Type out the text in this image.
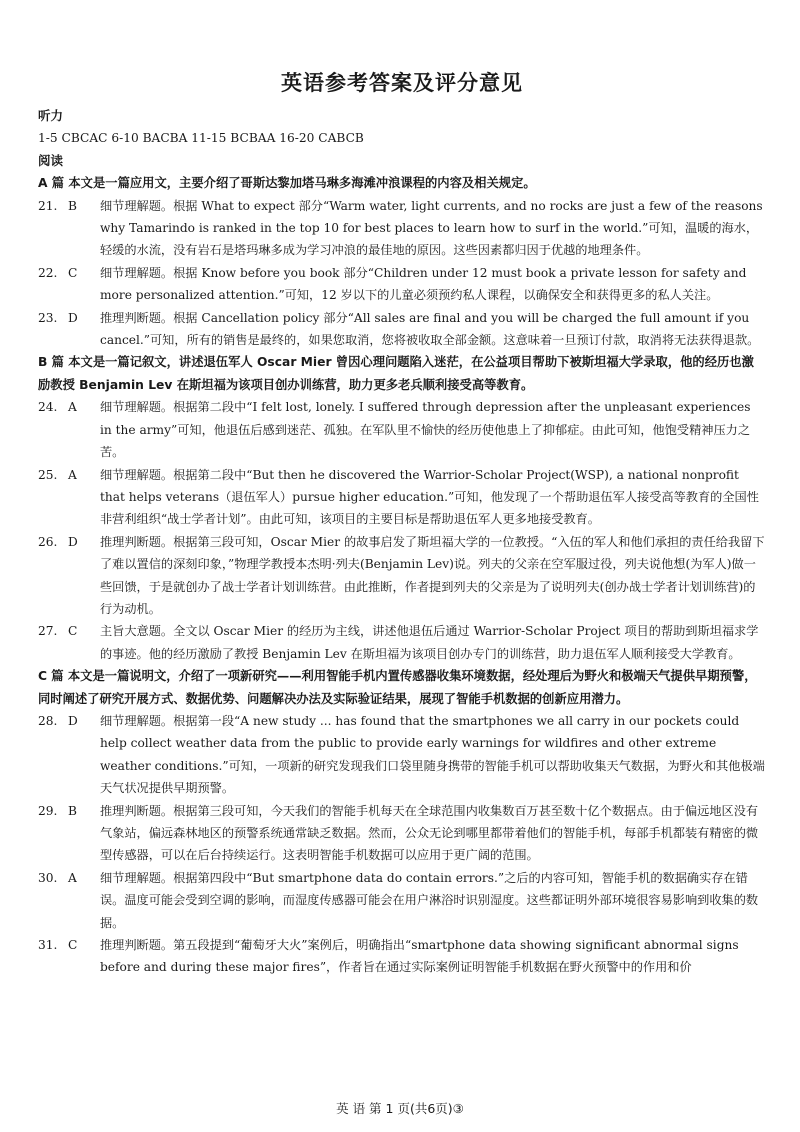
英语参考答案及评分意见
听力
1-5 CBCAC 6-10 BACBA 11-15 BCBAA 16-20 CABCB
阅读
A 篇 本文是一篇应用文，主要介绍了哥斯达黎加塔马琳多海滩冲浪课程的内容及相关规定。
21. B	细节理解题。根据 What to expect 部分“Warm water, light currents, and no rocks are just a few of the reasons why Tamarindo is ranked in the top 10 for best places to learn how to surf in the world.”可知，温暖的海水，轻缓的水流，没有岩石是塔玛琳多成为学习冲浪的最佳地的原因。这些因素都归因于优越的地理条件。
22. C	细节理解题。根据 Know before you book 部分“Children under 12 must book a private lesson for safety and more personalized attention.”可知，12 岁以下的儿童必须预约私人课程，以确保安全和获得更多的私人关注。
23. D	推理判断题。根据 Cancellation policy 部分“All sales are final and you will be charged the full amount if you cancel.”可知，所有的销售是最终的，如果您取消，您将被收取全部金额。这意味着一旦预订付款，取消将无法获得退款。
B 篇 本文是一篇记叙文，讲述退伍军人 Oscar Mier 曾因心理问题陷入迷茫，在公益项目帮助下被斯坦福大学录取，他的经历也激励教授 Benjamin Lev 在斯坦福为该项目创办训练营，助力更多老兵顺利接受高等教育。
24. A	细节理解题。根据第二段中“I felt lost, lonely. I suffered through depression after the unpleasant experiences in the army”可知，他退伍后感到迷茫、孤独。在军队里不愉快的经历使他患上了抑郁症。由此可知，他饱受精神压力之苦。
25. A	细节理解题。根据第二段中“But then he discovered the Warrior-Scholar Project(WSP), a national nonprofit that helps veterans（退伍军人）pursue higher education.”可知，他发现了一个帮助退伍军人接受高等教育的全国性非营利组织“战士学者计划”。由此可知，该项目的主要目标是帮助退伍军人更多地接受教育。
26. D	推理判断题。根据第三段可知，Oscar Mier 的故事启发了斯坦福大学的一位教授。“入伍的军人和他们承担的责任给我留下了难以置信的深刻印象，”物理学教授本杰明·列夫(Benjamin Lev)说。列夫的父亲在空军服过役，列夫说他想(为军人)做一些回馈，于是就创办了战士学者计划训练营。由此推断，作者提到列夫的父亲是为了说明列夫(创办战士学者计划训练营)的行为动机。
27. C	主旨大意题。全文以 Oscar Mier 的经历为主线，讲述他退伍后通过 Warrior-Scholar Project 项目的帮助到斯坦福求学的事迹。他的经历激励了教授 Benjamin Lev 在斯坦福为该项目创办专门的训练营，助力退伍军人顺利接受大学教育。
C 篇 本文是一篇说明文，介绍了一项新研究——利用智能手机内置传感器收集环境数据，经处理后为野火和极端天气提供早期预警，同时阐述了研究开展方式、数据优势、问题解决办法及实际验证结果，展现了智能手机数据的创新应用潜力。
28. D	细节理解题。根据第一段“A new study ... has found that the smartphones we all carry in our pockets could help collect weather data from the public to provide early warnings for wildfires and other extreme weather conditions.”可知，一项新的研究发现我们口袋里随身携带的智能手机可以帮助收集天气数据，为野火和其他极端天气状况提供早期预警。
29. B	推理判断题。根据第三段可知，今天我们的智能手机每天在全球范围内收集数百万甚至数十亿个数据点。由于偏远地区没有气象站，偏远森林地区的预警系统通常缺乏数据。然而，公众无论到哪里都带着他们的智能手机，每部手机都装有精密的微型传感器，可以在后台持续运行。这表明智能手机数据可以应用于更广阔的范围。
30. A	细节理解题。根据第四段中“But smartphone data do contain errors.”之后的内容可知，智能手机的数据确实存在错误。温度可能会受到空调的影响，而湿度传感器可能会在用户淋浴时识别湿度。这些都证明外部环境很容易影响到收集的数据。
31. C	推理判断题。第五段提到“葡萄牙大火”案例后，明确指出“smartphone data showing significant abnormal signs before and during these major fires”，作者旨在通过实际案例证明智能手机数据在野火预警中的作用和价
英 语 第 1 页(共6页)③
